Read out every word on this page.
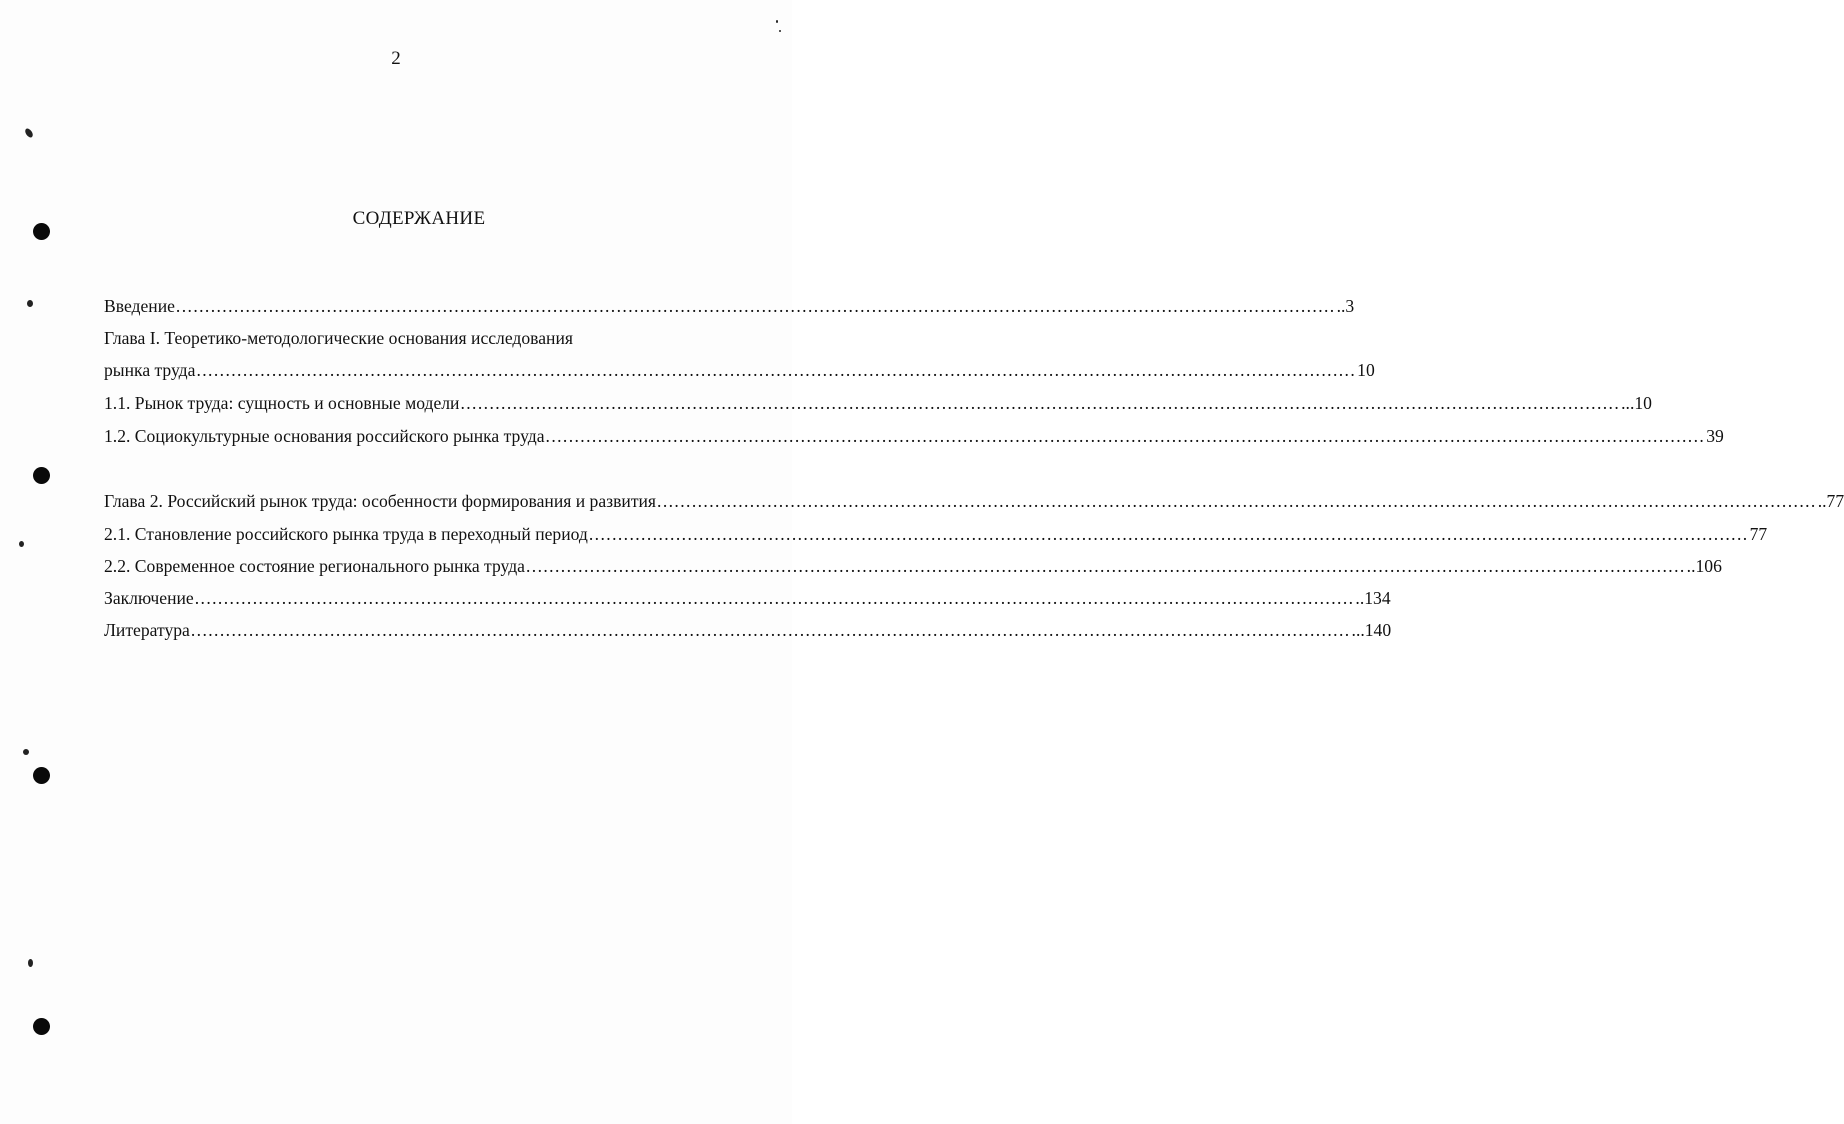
2
СОДЕРЖАНИЕ
Введение ........................................................................................................................................................................................................ ..3
Глава I. Теоретико-методологические основания исследования
рынка труда ........................................................................................................................................................................................................ 10
1.1. Рынок труда: сущность и основные модели ........................................................................................................................................................................................................ ...10
1.2. Социокультурные основания российского рынка труда ........................................................................................................................................................................................................ 39
Глава 2. Российский рынок труда: особенности формирования и развития ........................................................................................................................................................................................................ ..77
2.1. Становление российского рынка труда в переходный период ........................................................................................................................................................................................................ 77
2.2. Современное состояние регионального рынка труда ........................................................................................................................................................................................................ ..106
Заключение ........................................................................................................................................................................................................ ..134
Литература ........................................................................................................................................................................................................ ...140
